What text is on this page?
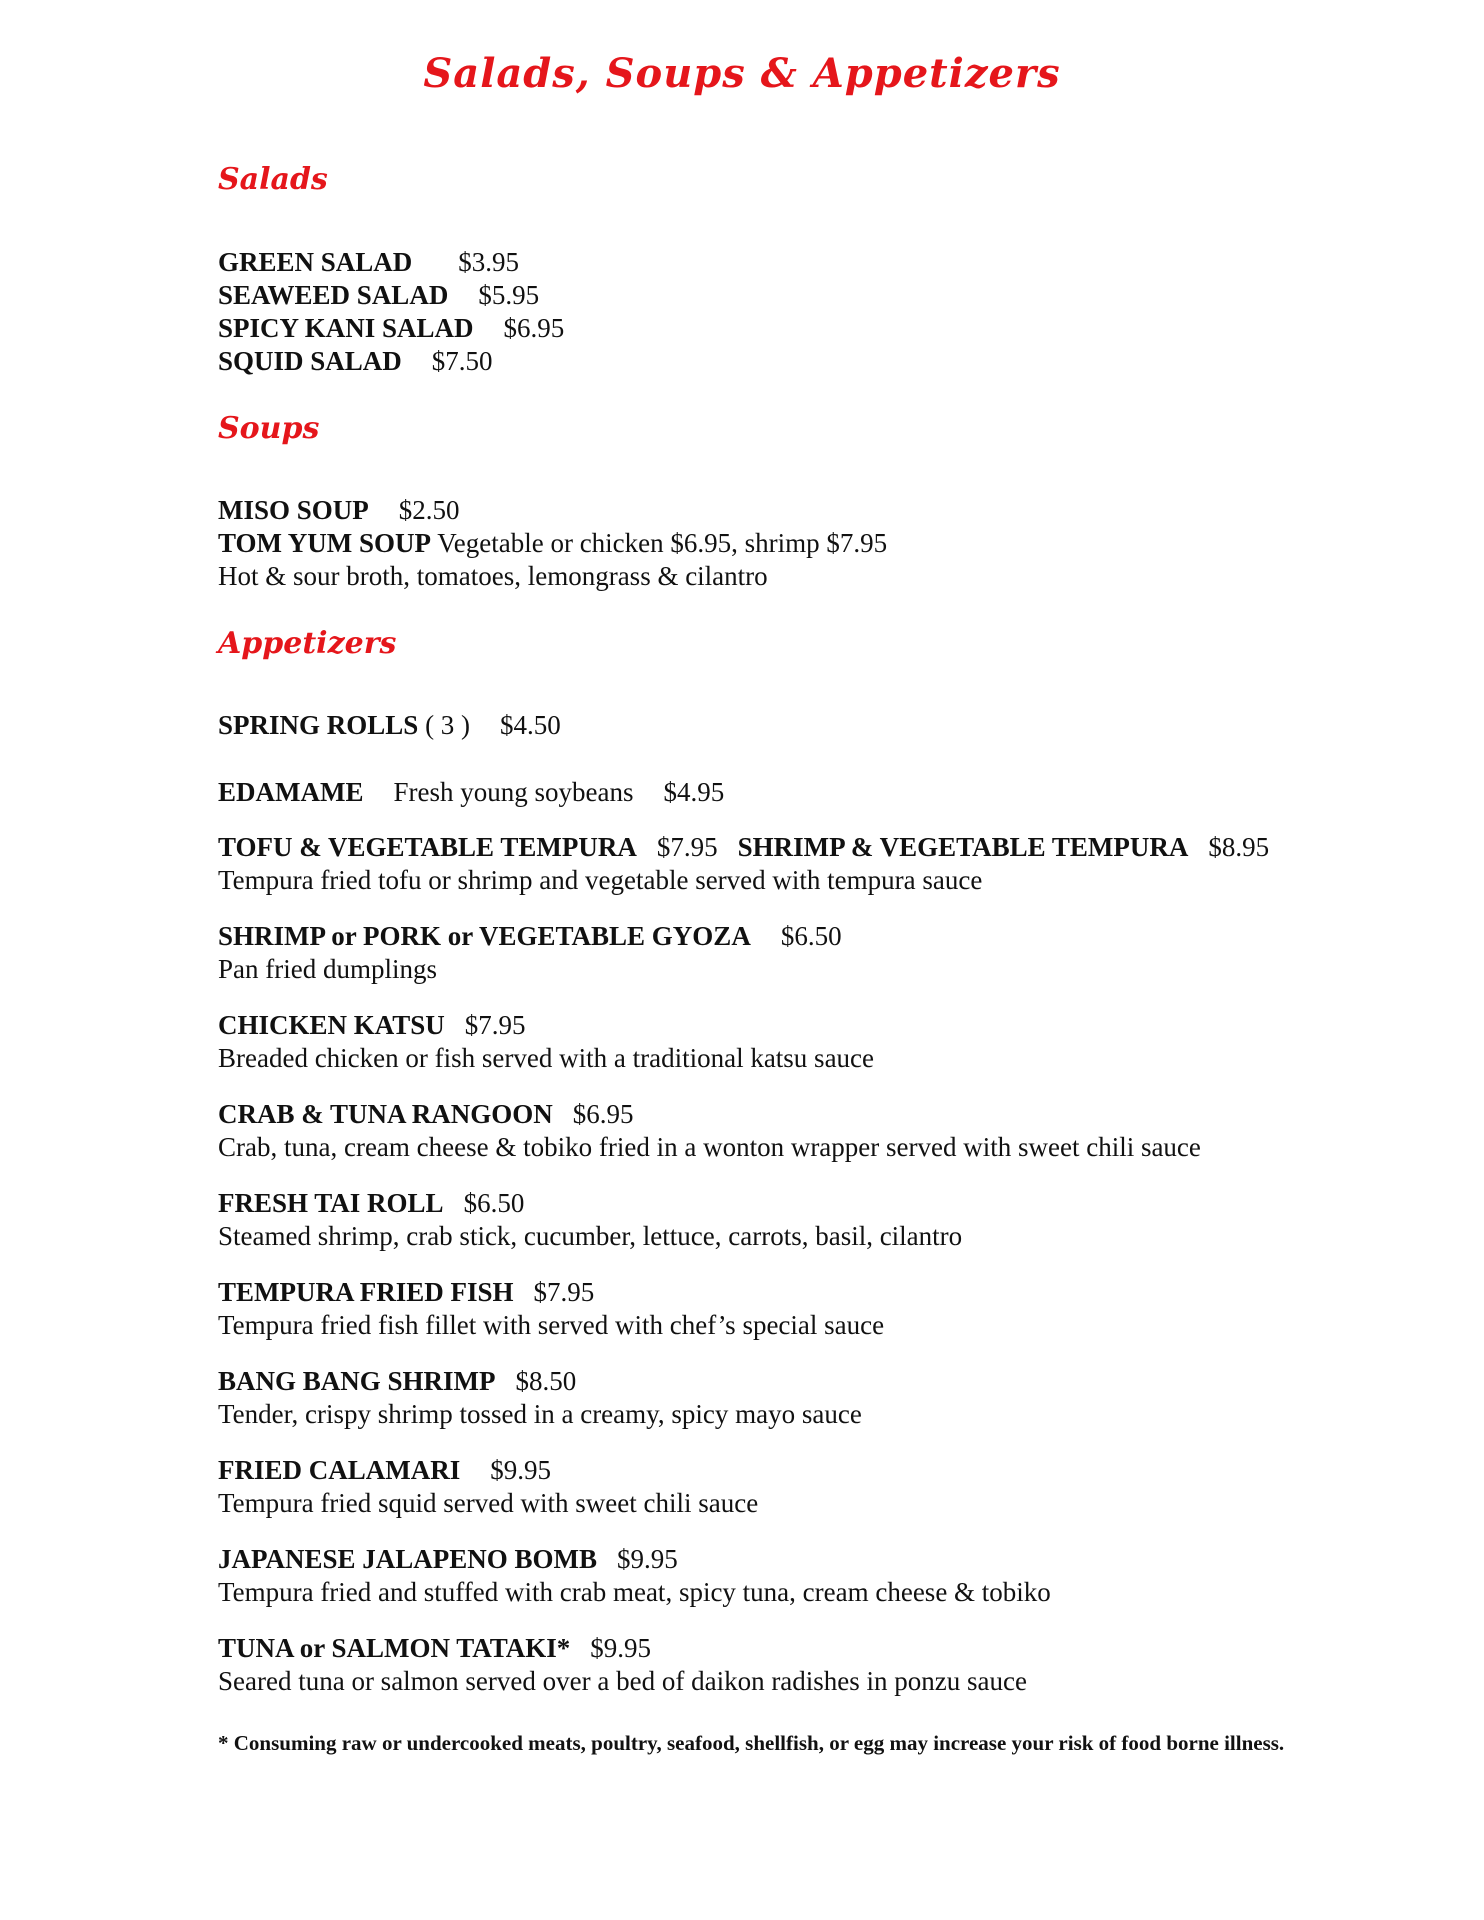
Salads, Soups & Appetizers
Salads
GREEN SALAD $3.95
SEAWEED SALAD $5.95
SPICY KANI SALAD $6.95
SQUID SALAD $7.50
Soups
MISO SOUP $2.50
TOM YUM SOUP Vegetable or chicken $6.95, shrimp $7.95
Hot & sour broth, tomatoes, lemongrass & cilantro
Appetizers
SPRING ROLLS ( 3 ) $4.50
EDAMAME Fresh young soybeans $4.95
TOFU & VEGETABLE TEMPURA $7.95 SHRIMP & VEGETABLE TEMPURA $8.95
Tempura fried tofu or shrimp and vegetable served with tempura sauce
SHRIMP or PORK or VEGETABLE GYOZA $6.50
Pan fried dumplings
CHICKEN KATSU $7.95
Breaded chicken or fish served with a traditional katsu sauce
CRAB & TUNA RANGOON $6.95
Crab, tuna, cream cheese & tobiko fried in a wonton wrapper served with sweet chili sauce
FRESH TAI ROLL $6.50
Steamed shrimp, crab stick, cucumber, lettuce, carrots, basil, cilantro
TEMPURA FRIED FISH $7.95
Tempura fried fish fillet with served with chef’s special sauce
BANG BANG SHRIMP $8.50
Tender, crispy shrimp tossed in a creamy, spicy mayo sauce
FRIED CALAMARI $9.95
Tempura fried squid served with sweet chili sauce
JAPANESE JALAPENO BOMB $9.95
Tempura fried and stuffed with crab meat, spicy tuna, cream cheese & tobiko
TUNA or SALMON TATAKI* $9.95
Seared tuna or salmon served over a bed of daikon radishes in ponzu sauce
* Consuming raw or undercooked meats, poultry, seafood, shellfish, or egg may increase your risk of food borne illness.
